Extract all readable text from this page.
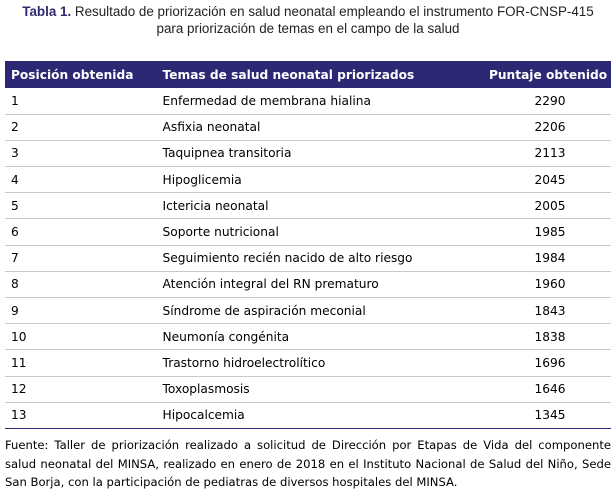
Tabla 1. Resultado de priorización en salud neonatal empleando el instrumento FOR-CNSP-415
para priorización de temas en el campo de la salud
Posición obtenida	Temas de salud neonatal priorizados	Puntaje obtenido
1	Enfermedad de membrana hialina	2290
2	Asfixia neonatal	2206
3	Taquipnea transitoria	2113
4	Hipoglicemia	2045
5	Ictericia neonatal	2005
6	Soporte nutricional	1985
7	Seguimiento recién nacido de alto riesgo	1984
8	Atención integral del RN prematuro	1960
9	Síndrome de aspiración meconial	1843
10	Neumonía congénita	1838
11	Trastorno hidroelectrolítico	1696
12	Toxoplasmosis	1646
13	Hipocalcemia	1345
Fuente: Taller de priorización realizado a solicitud de Dirección por Etapas de Vida del componente salud neonatal del MINSA, realizado en enero de 2018 en el Instituto Nacional de Salud del Niño, Sede San Borja, con la participación de pediatras de diversos hospitales del MINSA.
